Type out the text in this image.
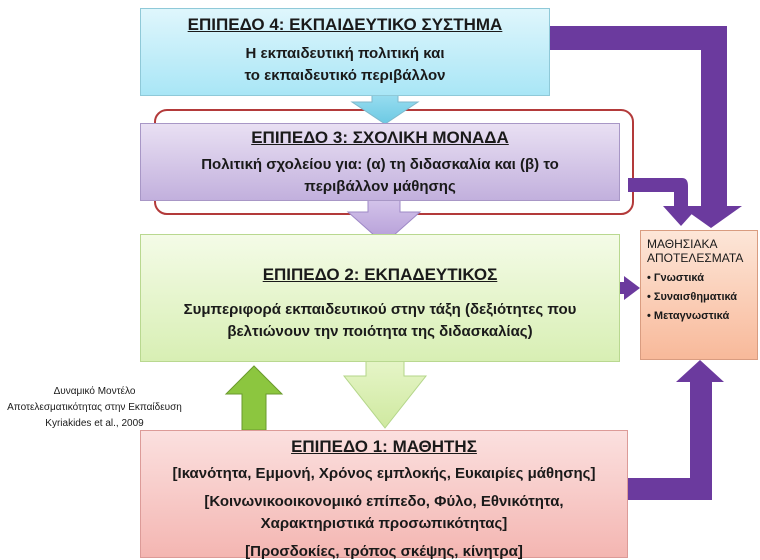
ΕΠΙΠΕΔΟ 4: ΕΚΠΑΙΔΕΥΤΙΚΟ ΣΥΣΤΗΜΑ
Η εκπαιδευτική πολιτική και
το εκπαιδευτικό περιβάλλον
ΕΠΙΠΕΔΟ 3: ΣΧΟΛΙΚΗ ΜΟΝΑΔΑ
Πολιτική σχολείου για: (α) τη διδασκαλία και (β) το
περιβάλλον μάθησης
ΕΠΙΠΕΔΟ 2: ΕΚΠΑΔΕΥΤΙΚΟΣ
Συμπεριφορά εκπαιδευτικού στην τάξη (δεξιότητες που
βελτιώνουν την ποιότητα της διδασκαλίας)
ΕΠΙΠΕΔΟ 1: ΜΑΘΗΤΗΣ
[Ικανότητα, Εμμονή, Χρόνος εμπλοκής, Ευκαιρίες μάθησης]
[Κοινωνικοοικονομικό επίπεδο, Φύλο, Εθνικότητα,
Χαρακτηριστικά προσωπικότητας]
[Προσδοκίες, τρόπος σκέψης, κίνητρα]
ΜΑΘΗΣΙΑΚΑ
ΑΠΟΤΕΛΕΣΜΑΤΑ
• Γνωστικά
• Συναισθηματικά
• Μεταγνωστικά
Δυναμικό Μοντέλο
Αποτελεσματικότητας στην Εκπαίδευση
Kyriakides et al., 2009
